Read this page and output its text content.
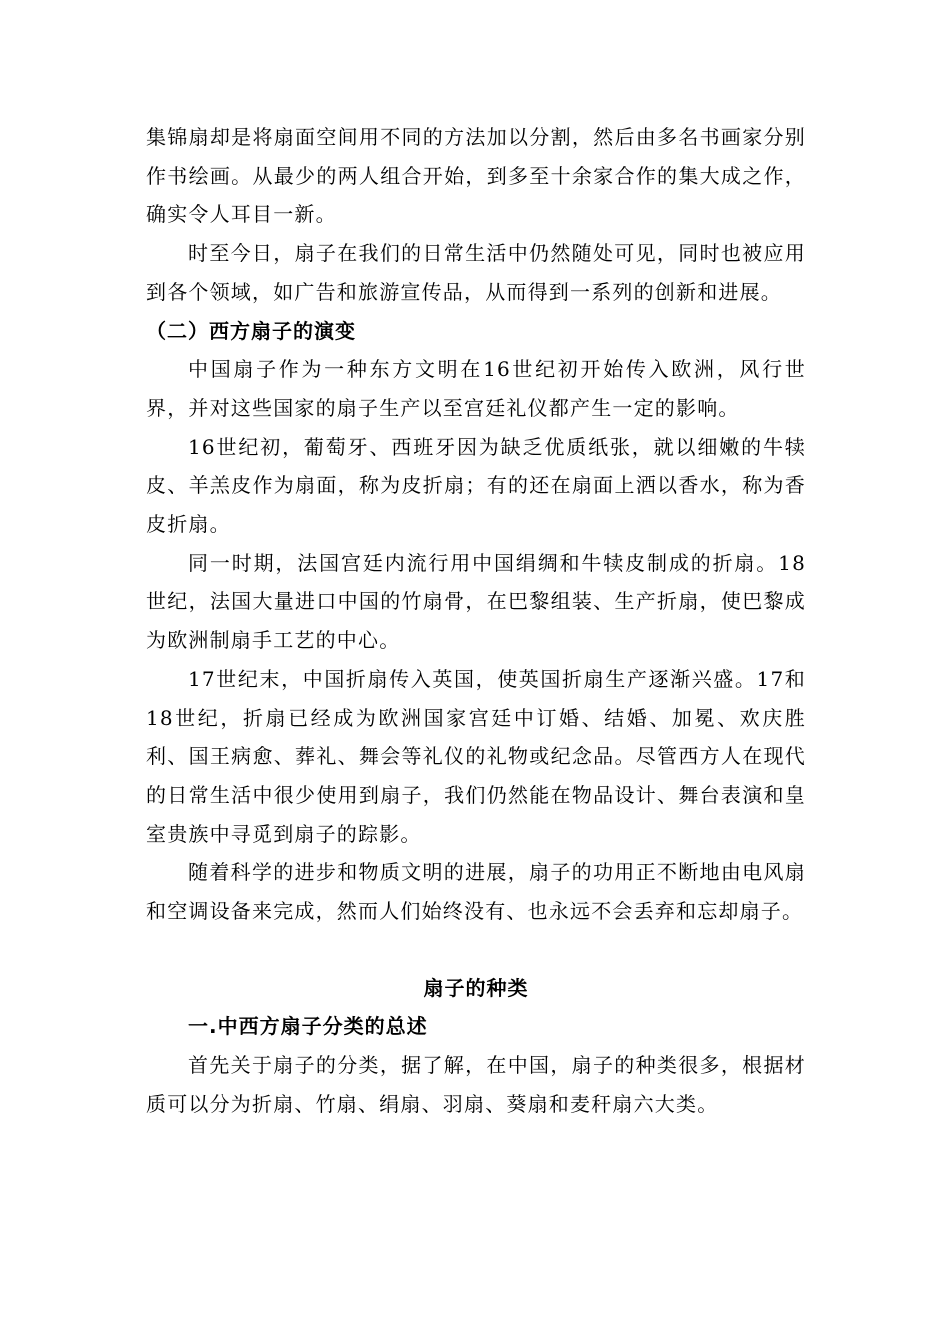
集锦扇却是将扇面空间用不同的方法加以分割，然后由多名书画家分别作书绘画。从最少的两人组合开始，到多至十余家合作的集大成之作，确实令人耳目一新。

时至今日，扇子在我们的日常生活中仍然随处可见，同时也被应用到各个领域，如广告和旅游宣传品，从而得到一系列的创新和进展。

（二）西方扇子的演变

中国扇子作为一种东方文明在16世纪初开始传入欧洲，风行世界，并对这些国家的扇子生产以至宫廷礼仪都产生一定的影响。

16世纪初，葡萄牙、西班牙因为缺乏优质纸张，就以细嫩的牛犊皮、羊羔皮作为扇面，称为皮折扇；有的还在扇面上洒以香水，称为香皮折扇。

同一时期，法国宫廷内流行用中国绢绸和牛犊皮制成的折扇。18世纪，法国大量进口中国的竹扇骨，在巴黎组装、生产折扇，使巴黎成为欧洲制扇手工艺的中心。

17世纪末，中国折扇传入英国，使英国折扇生产逐渐兴盛。17和18世纪，折扇已经成为欧洲国家宫廷中订婚、结婚、加冕、欢庆胜利、国王病愈、葬礼、舞会等礼仪的礼物或纪念品。尽管西方人在现代的日常生活中很少使用到扇子，我们仍然能在物品设计、舞台表演和皇室贵族中寻觅到扇子的踪影。

随着科学的进步和物质文明的进展，扇子的功用正不断地由电风扇和空调设备来完成，然而人们始终没有、也永远不会丢弃和忘却扇子。

扇子的种类

一.中西方扇子分类的总述

首先关于扇子的分类，据了解，在中国，扇子的种类很多，根据材质可以分为折扇、竹扇、绢扇、羽扇、葵扇和麦秆扇六大类。
